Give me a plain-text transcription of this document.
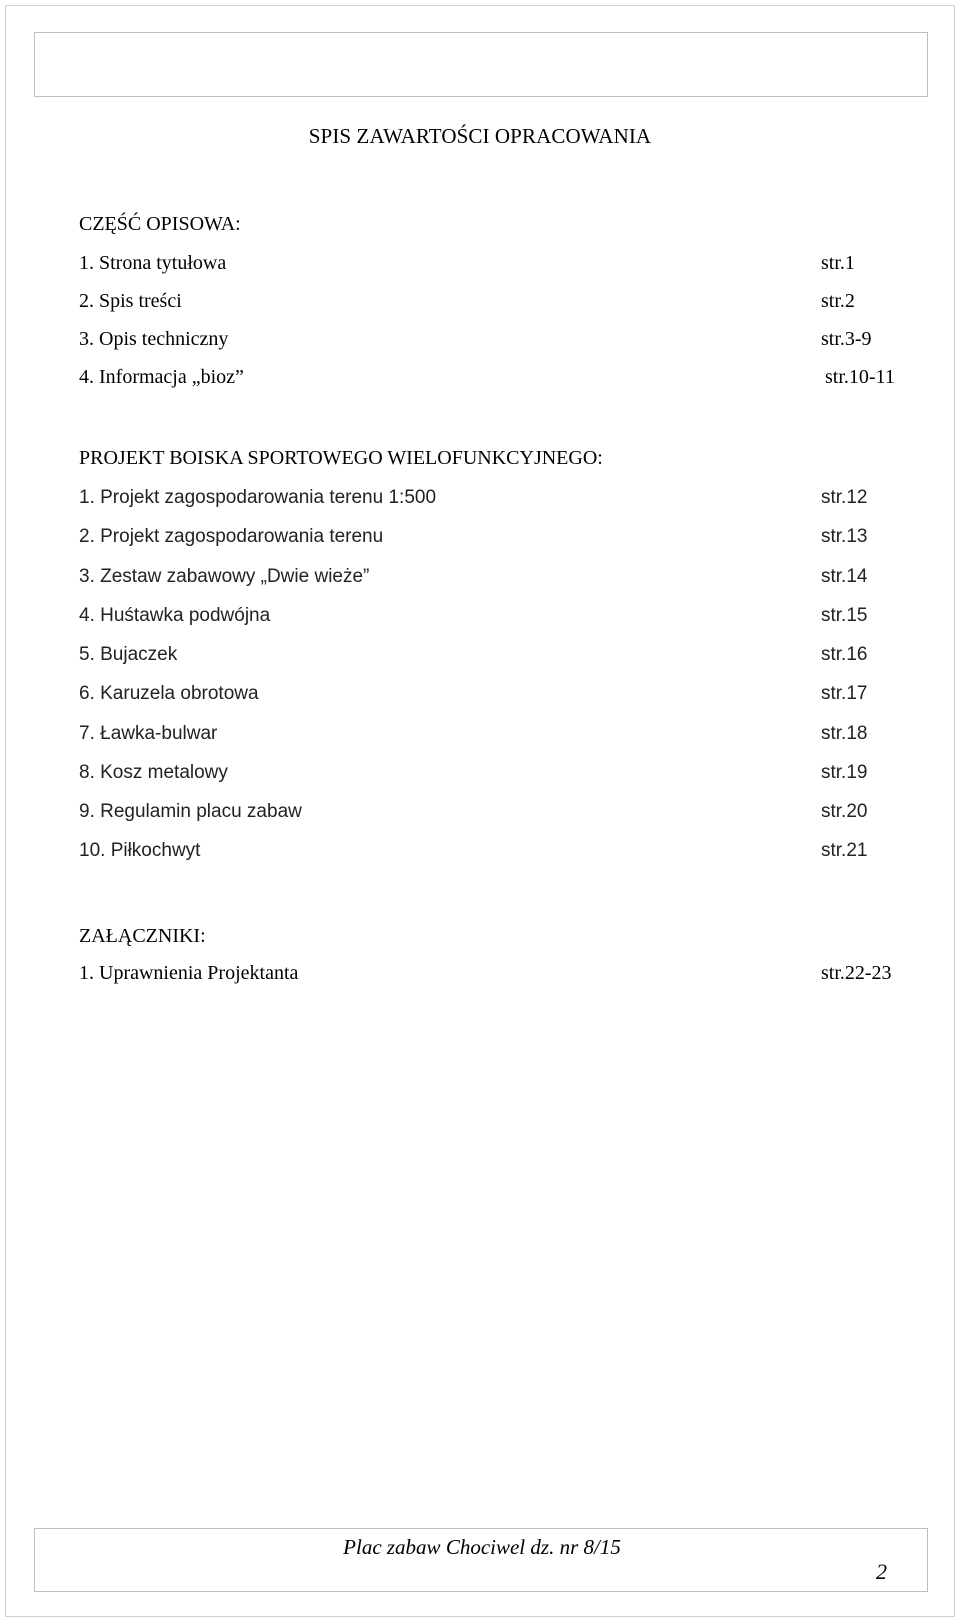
SPIS ZAWARTOŚCI OPRACOWANIA
CZĘŚĆ OPISOWA:
1. Strona tytułowa	str.1
2. Spis treści	str.2
3. Opis techniczny	str.3-9
4. Informacja „bioz”	str.10-11
PROJEKT BOISKA SPORTOWEGO WIELOFUNKCYJNEGO:
1. Projekt zagospodarowania terenu 1:500	str.12
2. Projekt zagospodarowania terenu	str.13
3. Zestaw zabawowy „Dwie wieże”	str.14
4. Huśtawka podwójna	str.15
5. Bujaczek	str.16
6. Karuzela obrotowa	str.17
7. Ławka-bulwar	str.18
8. Kosz metalowy	str.19
9. Regulamin placu zabaw	str.20
10. Piłkochwyt	str.21
ZAŁĄCZNIKI:
1. Uprawnienia Projektanta	str.22-23
Plac zabaw Chociwel dz. nr 8/15
2
